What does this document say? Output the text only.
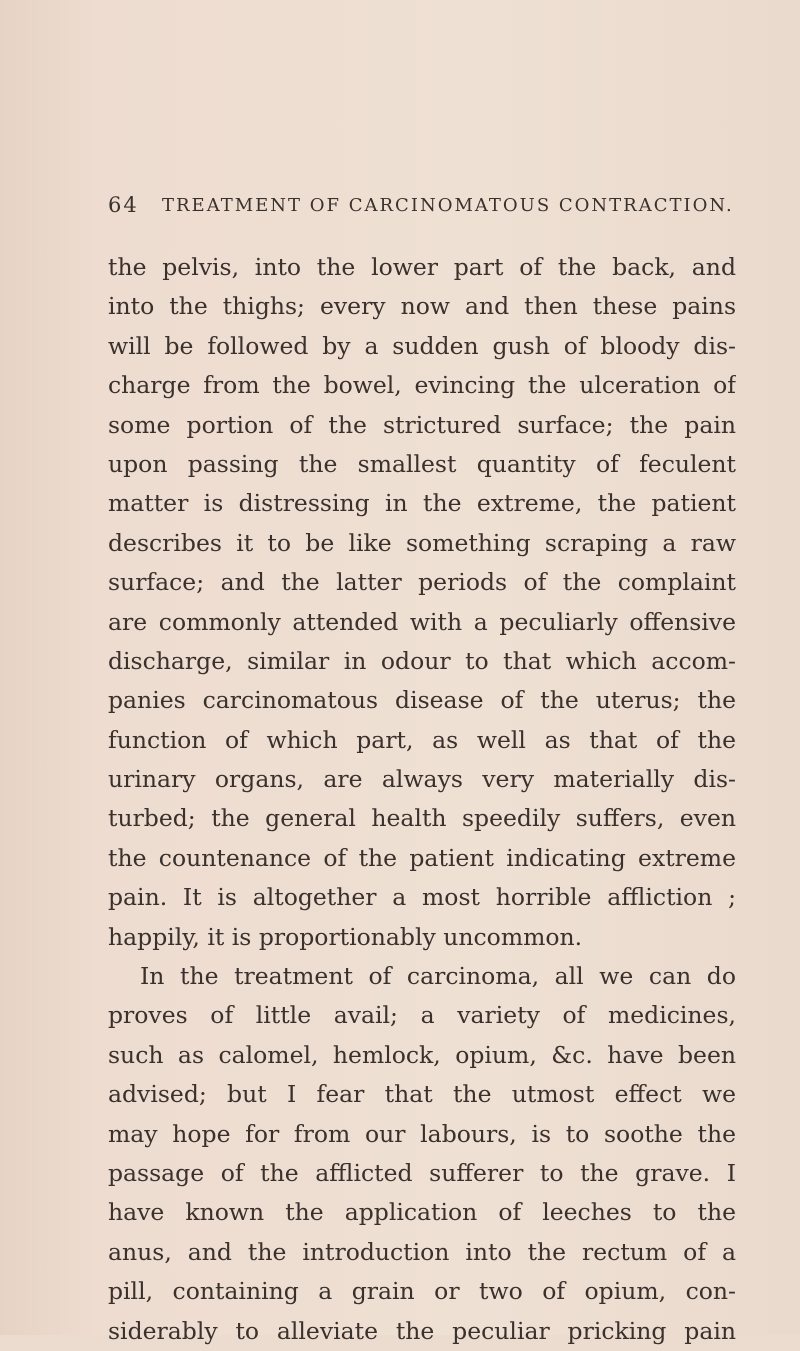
64 TREATMENT OF CARCINOMATOUS CONTRACTION.
the pelvis, into the lower part of the back, and
into the thighs; every now and then these pains
will be followed by a sudden gush of bloody dis-
charge from the bowel, evincing the ulceration of
some portion of the strictured surface; the pain
upon passing the smallest quantity of feculent
matter is distressing in the extreme, the patient
describes it to be like something scraping a raw
surface; and the latter periods of the complaint
are commonly attended with a peculiarly offensive
discharge, similar in odour to that which accom-
panies carcinomatous disease of the uterus; the
function of which part, as well as that of the
urinary organs, are always very materially dis-
turbed; the general health speedily suffers, even
the countenance of the patient indicating extreme
pain. It is altogether a most horrible affliction ;
happily, it is proportionably uncommon.
In the treatment of carcinoma, all we can do
proves of little avail; a variety of medicines,
such as calomel, hemlock, opium, &c. have been
advised; but I fear that the utmost effect we
may hope for from our labours, is to soothe the
passage of the afflicted sufferer to the grave. I
have known the application of leeches to the
anus, and the introduction into the rectum of a
pill, containing a grain or two of opium, con-
siderably to alleviate the peculiar pricking pain
